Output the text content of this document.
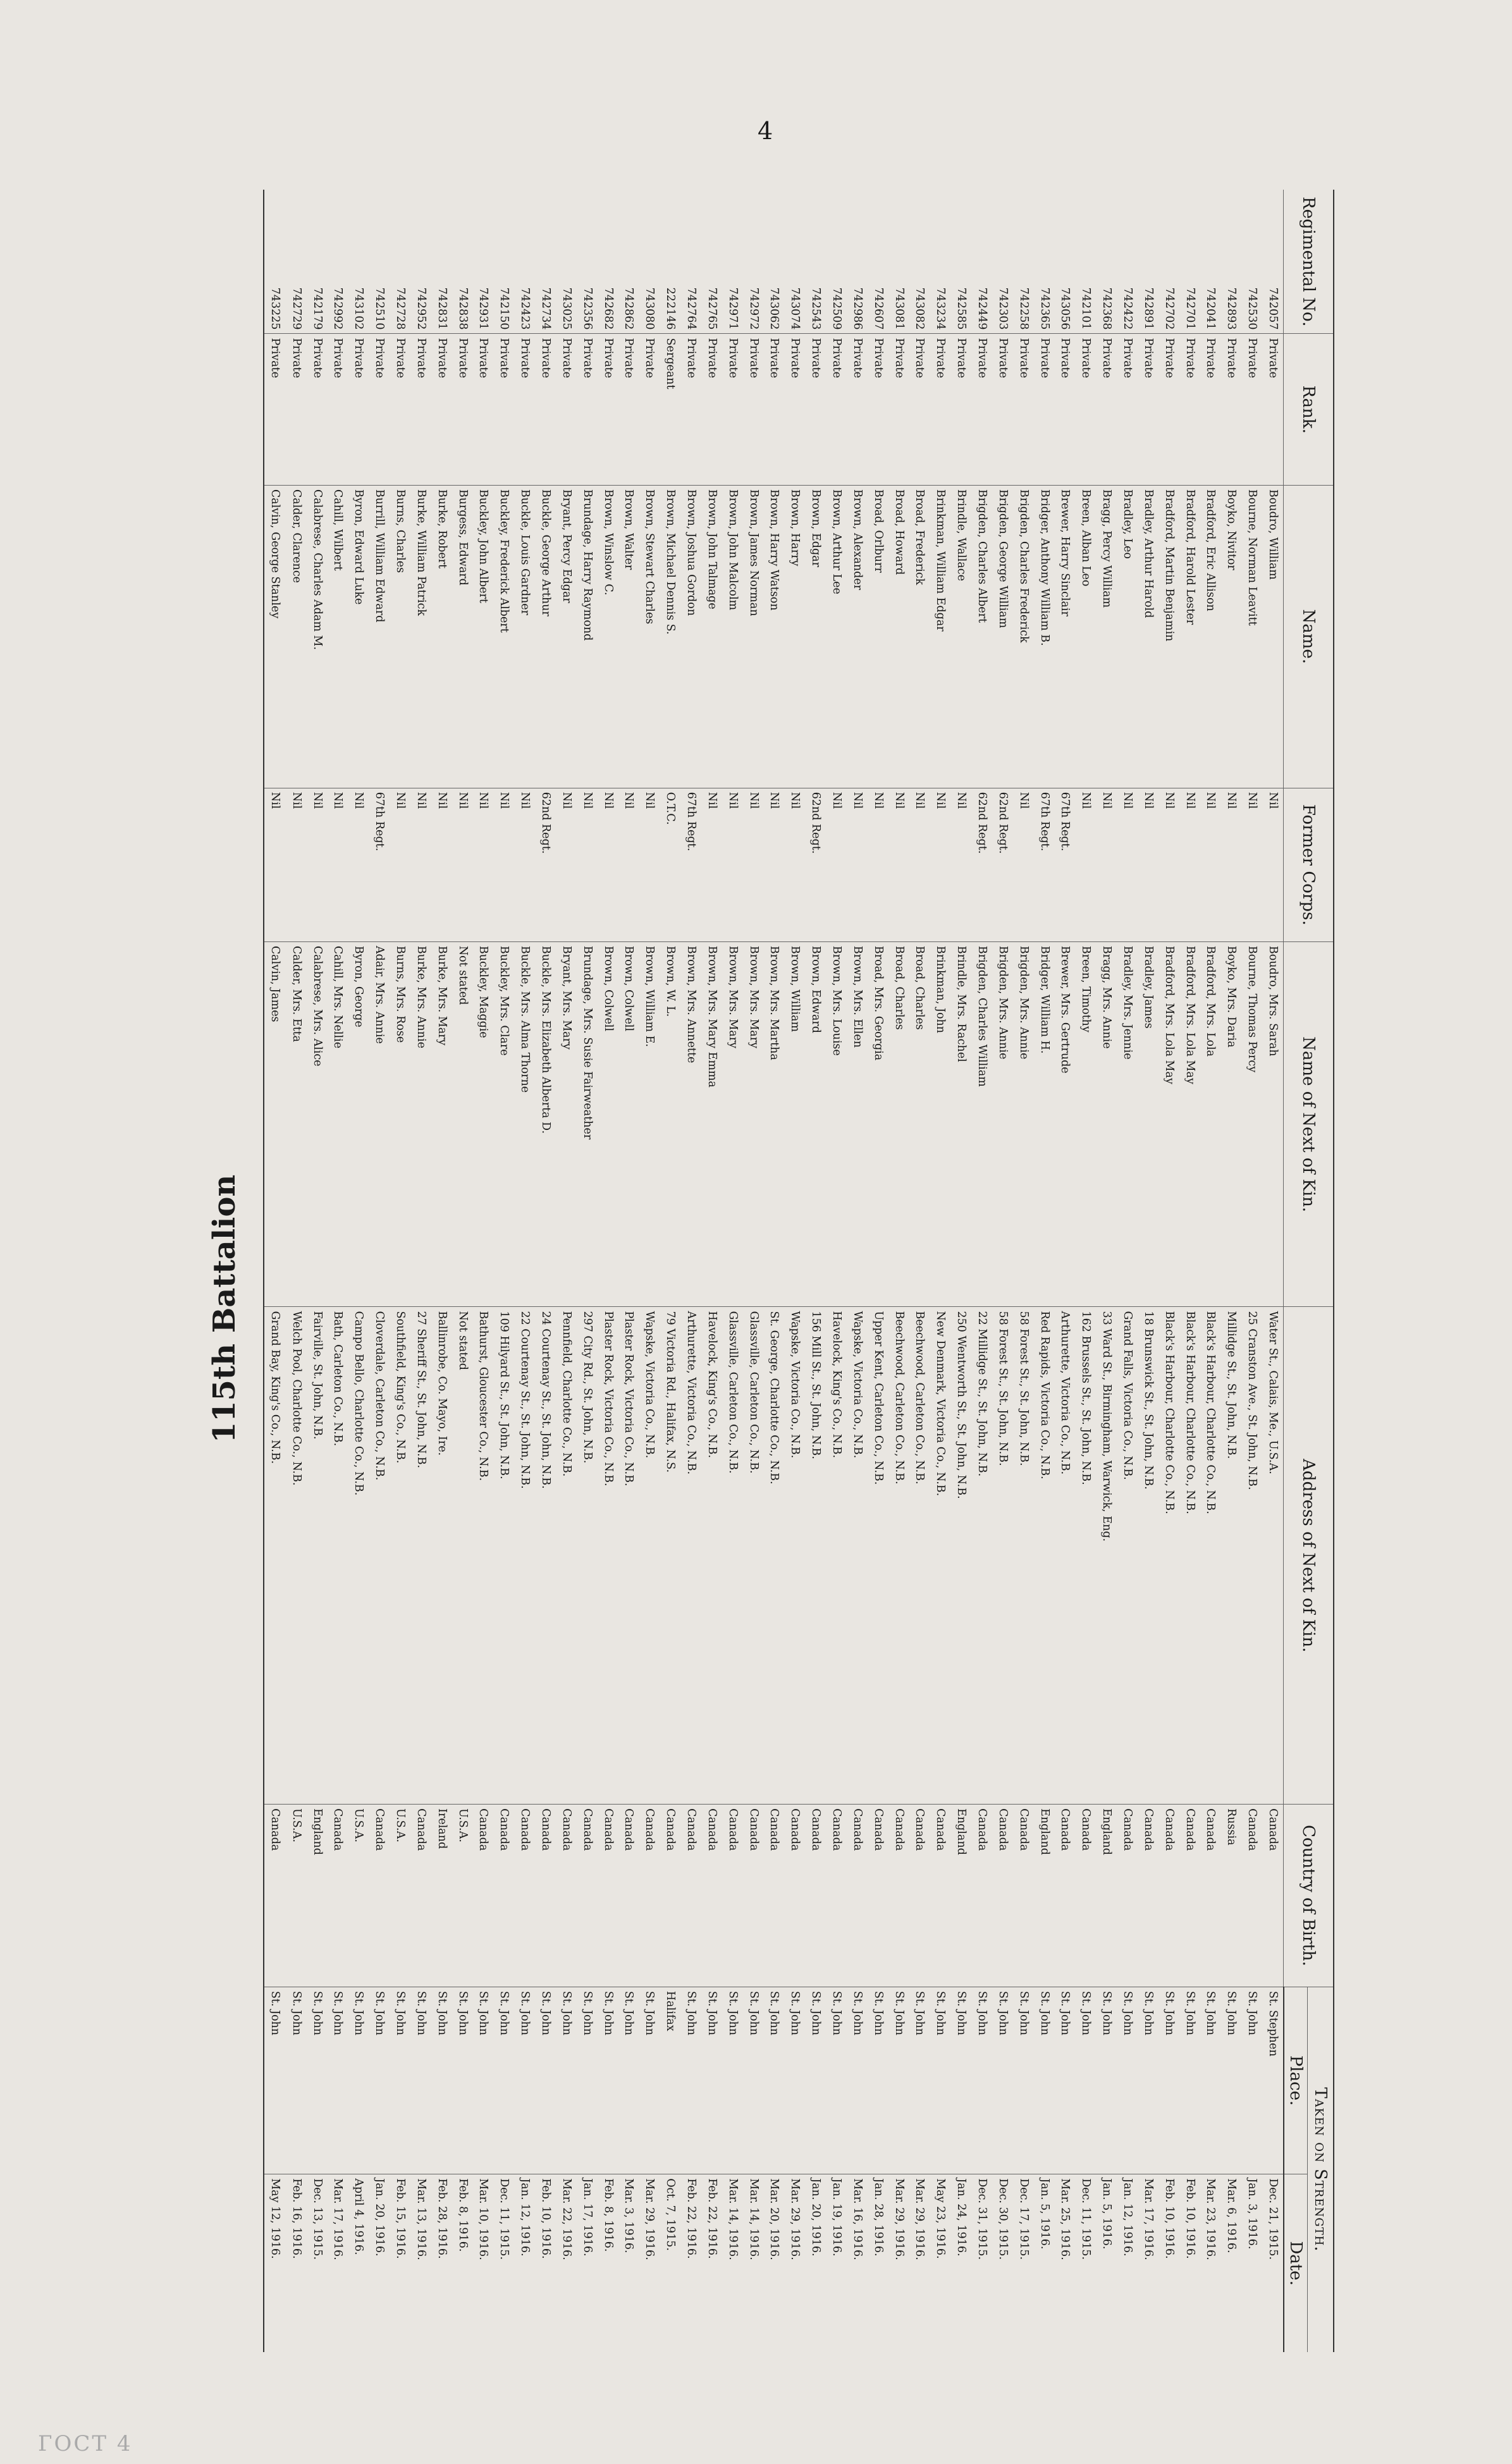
4
115th Battalion
Regimental No.	Rank.	Name.	Former Corps.	Name of Next of Kin.	Address of Next of Kin.	Country of Birth.	Taken on Strength.	
							Place.	Date.
742057	Private	Boudro, William	Nil	Boudro, Mrs. Sarah	Water St., Calais, Me., U.S.A.	Canada	St. Stephen	Dec. 21, 1915.
742530	Private	Bourne, Norman Leavitt	Nil	Bourne, Thomas Percy	25 Cranston Ave., St. John, N.B.	Canada	St. John	Jan. 3, 1916.
742893	Private	Boyko, Nivitor	Nil	Boyko, Mrs. Daria	Millidge St., St. John, N.B.	Russia	St. John	Mar. 6, 1916.
742041	Private	Bradford, Eric Allison	Nil	Bradford, Mrs. Lola	Black's Harbour, Charlotte Co., N.B.	Canada	St. John	Mar. 23, 1916.
742701	Private	Bradford, Harold Lester	Nil	Bradford, Mrs. Lola May	Black's Harbour, Charlotte Co., N.B.	Canada	St. John	Feb. 10, 1916.
742702	Private	Bradford, Martin Benjamin	Nil	Bradford, Mrs. Lola May	Black's Harbour, Charlotte Co., N.B.	Canada	St. John	Feb. 10, 1916.
742891	Private	Bradley, Arthur Harold	Nil	Bradley, James	18 Brunswick St., St. John, N.B.	Canada	St. John	Mar. 17, 1916.
742422	Private	Bradley, Leo	Nil	Bradley, Mrs. Jennie	Grand Falls, Victoria Co., N.B.	Canada	St. John	Jan. 12, 1916.
742368	Private	Bragg, Percy William	Nil	Bragg, Mrs. Annie	33 Ward St., Birmingham, Warwick, Eng.	England	St. John	Jan. 5, 1916.
742101	Private	Breen, Alban Leo	Nil	Breen, Timothy	162 Brussels St., St. John, N.B.	Canada	St. John	Dec. 11, 1915.
743056	Private	Brewer, Harry Sinclair	67th Regt.	Brewer, Mrs. Gertrude	Arthurette, Victoria Co., N.B.	Canada	St. John	Mar. 25, 1916.
742365	Private	Bridger, Anthony William B.	67th Regt.	Bridger, William H.	Red Rapids, Victoria Co., N.B.	England	St. John	Jan. 5, 1916.
742258	Private	Brigden, Charles Frederick	Nil	Brigden, Mrs. Annie	58 Forest St., St. John, N.B.	Canada	St. John	Dec. 17, 1915.
742303	Private	Brigden, George William	62nd Regt.	Brigden, Mrs. Annie	58 Forest St., St. John, N.B.	Canada	St. John	Dec. 30, 1915.
742449	Private	Brigden, Charles Albert	62nd Regt.	Brigden, Charles William	22 Millidge St., St. John, N.B.	Canada	St. John	Dec. 31, 1915.
742585	Private	Brindle, Wallace	Nil	Brindle, Mrs. Rachel	250 Wentworth St., St. John, N.B.	England	St. John	Jan. 24, 1916.
743234	Private	Brinkman, William Edgar	Nil	Brinkman, John	New Denmark, Victoria Co., N.B.	Canada	St. John	May 23, 1916.
743082	Private	Broad, Frederick	Nil	Broad, Charles	Beechwood, Carleton Co., N.B.	Canada	St. John	Mar. 29, 1916.
743081	Private	Broad, Howard	Nil	Broad, Charles	Beechwood, Carleton Co., N.B.	Canada	St. John	Mar. 29, 1916.
742607	Private	Broad, Orlburr	Nil	Broad, Mrs. Georgia	Upper Kent, Carleton Co., N.B.	Canada	St. John	Jan. 28, 1916.
742986	Private	Brown, Alexander	Nil	Brown, Mrs. Ellen	Wapske, Victoria Co., N.B.	Canada	St. John	Mar. 16, 1916.
742509	Private	Brown, Arthur Lee	Nil	Brown, Mrs. Louise	Havelock, King's Co., N.B.	Canada	St. John	Jan. 19, 1916.
742543	Private	Brown, Edgar	62nd Regt.	Brown, Edward	156 Mill St., St. John, N.B.	Canada	St. John	Jan. 20, 1916.
743074	Private	Brown, Harry	Nil	Brown, William	Wapske, Victoria Co., N.B.	Canada	St. John	Mar. 29, 1916.
743062	Private	Brown, Harry Watson	Nil	Brown, Mrs. Martha	St. George, Charlotte Co., N.B.	Canada	St. John	Mar. 20, 1916.
742972	Private	Brown, James Norman	Nil	Brown, Mrs. Mary	Glassville, Carleton Co., N.B.	Canada	St. John	Mar. 14, 1916.
742971	Private	Brown, John Malcolm	Nil	Brown, Mrs. Mary	Glassville, Carleton Co., N.B.	Canada	St. John	Mar. 14, 1916.
742765	Private	Brown, John Talmage	Nil	Brown, Mrs. Mary Emma	Havelock, King's Co., N.B.	Canada	St. John	Feb. 22, 1916.
742764	Private	Brown, Joshua Gordon	67th Regt.	Brown, Mrs. Annette	Arthurette, Victoria Co., N.B.	Canada	St. John	Feb. 22, 1916.
222146	Sergeant	Brown, Michael Dennis S.	O.T.C.	Brown, W. L.	79 Victoria Rd., Halifax, N.S.	Canada	Halifax	Oct. 7, 1915.
743080	Private	Brown, Stewart Charles	Nil	Brown, William E.	Wapske, Victoria Co., N.B.	Canada	St. John	Mar. 29, 1916.
742862	Private	Brown, Walter	Nil	Brown, Colwell	Plaster Rock, Victoria Co., N.B.	Canada	St. John	Mar. 3, 1916.
742682	Private	Brown, Winslow C.	Nil	Brown, Colwell	Plaster Rock, Victoria Co., N.B.	Canada	St. John	Feb. 8, 1916.
742356	Private	Brundage, Harry Raymond	Nil	Brundage, Mrs. Susie Fairweather	297 City Rd., St. John, N.B.	Canada	St. John	Jan. 17, 1916.
743025	Private	Bryant, Percy Edgar	Nil	Bryant, Mrs. Mary	Pennfield, Charlotte Co., N.B.	Canada	St. John	Mar. 22, 1916.
742734	Private	Buckle, George Arthur	62nd Regt.	Buckle, Mrs. Elizabeth Alberta D.	24 Courtenay St., St. John, N.B.	Canada	St. John	Feb. 10, 1916.
742423	Private	Buckle, Louis Gardner	Nil	Buckle, Mrs. Alma Thorne	22 Courtenay St., St. John, N.B.	Canada	St. John	Jan. 12, 1916.
742150	Private	Buckley, Frederick Albert	Nil	Buckley, Mrs. Clare	109 Hilyard St., St. John, N.B.	Canada	St. John	Dec. 11, 1915.
742931	Private	Buckley, John Albert	Nil	Buckley, Maggie	Bathurst, Gloucester Co., N.B.	Canada	St. John	Mar. 10, 1916.
742838	Private	Burgess, Edward	Nil	Not stated	Not stated	U.S.A.	St. John	Feb. 8, 1916.
742831	Private	Burke, Robert	Nil	Burke, Mrs. Mary	Ballinrobe, Co. Mayo, Ire.	Ireland	St. John	Feb. 28, 1916.
742952	Private	Burke, William Patrick	Nil	Burke, Mrs. Annie	27 Sheriff St., St. John, N.B.	Canada	St. John	Mar. 13, 1916.
742728	Private	Burns, Charles	Nil	Burns, Mrs. Rose	Southfield, King's Co., N.B.	U.S.A.	St. John	Feb. 15, 1916.
742510	Private	Burrill, William Edward	67th Regt.	Adair, Mrs. Annie	Cloverdale, Carleton Co., N.B.	Canada	St. John	Jan. 20, 1916.
743102	Private	Byron, Edward Luke	Nil	Byron, George	Campo Bello, Charlotte Co., N.B.	U.S.A.	St. John	April 4, 1916.
742992	Private	Cahill, Wilbert	Nil	Cahill, Mrs. Nellie	Bath, Carleton Co., N.B.	Canada	St. John	Mar. 17, 1916.
742179	Private	Calabrese, Charles Adam M.	Nil	Calabrese, Mrs. Alice	Fairville, St. John, N.B.	England	St. John	Dec. 13, 1915.
742729	Private	Calder, Clarence	Nil	Calder, Mrs. Etta	Welch Pool, Charlotte Co., N.B.	U.S.A.	St. John	Feb. 16, 1916.
743225	Private	Calvin, George Stanley	Nil	Calvin, James	Grand Bay, King's Co., N.B.	Canada	St. John	May 12, 1916.
ГОСТ 4
